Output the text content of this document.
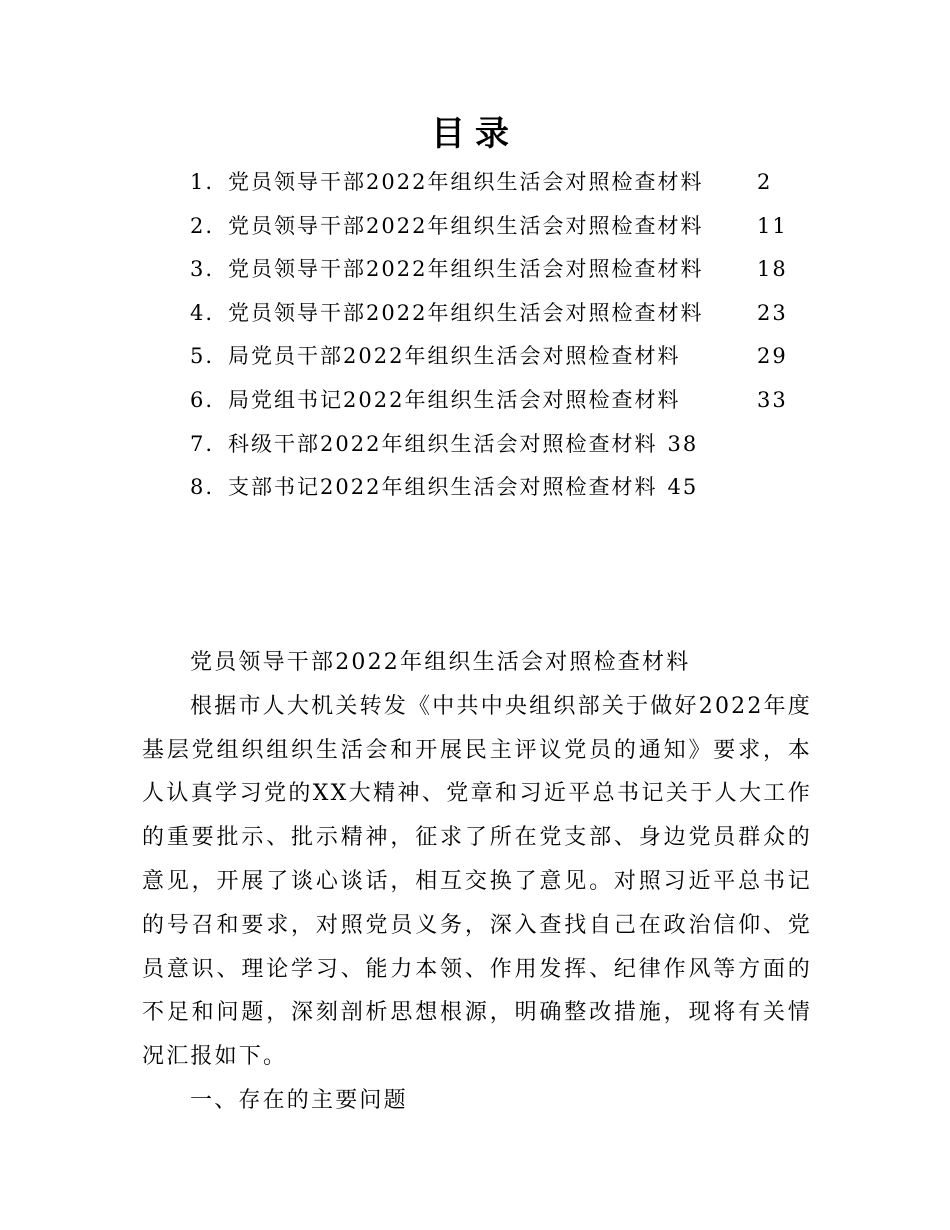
目录
1. 党员领导干部2022年组织生活会对照检查材料	2
2. 党员领导干部2022年组织生活会对照检查材料	11
3. 党员领导干部2022年组织生活会对照检查材料	18
4. 党员领导干部2022年组织生活会对照检查材料	23
5. 局党员干部2022年组织生活会对照检查材料	29
6. 局党组书记2022年组织生活会对照检查材料	33
7. 科级干部2022年组织生活会对照检查材料 38
8. 支部书记2022年组织生活会对照检查材料 45

党员领导干部2022年组织生活会对照检查材料

根据市人大机关转发《中共中央组织部关于做好2022年度基层党组织组织生活会和开展民主评议党员的通知》要求，本人认真学习党的XX大精神、党章和习近平总书记关于人大工作的重要批示、批示精神，征求了所在党支部、身边党员群众的意见，开展了谈心谈话，相互交换了意见。对照习近平总书记的号召和要求，对照党员义务，深入查找自己在政治信仰、党员意识、理论学习、能力本领、作用发挥、纪律作风等方面的不足和问题，深刻剖析思想根源，明确整改措施，现将有关情况汇报如下。

一、存在的主要问题
